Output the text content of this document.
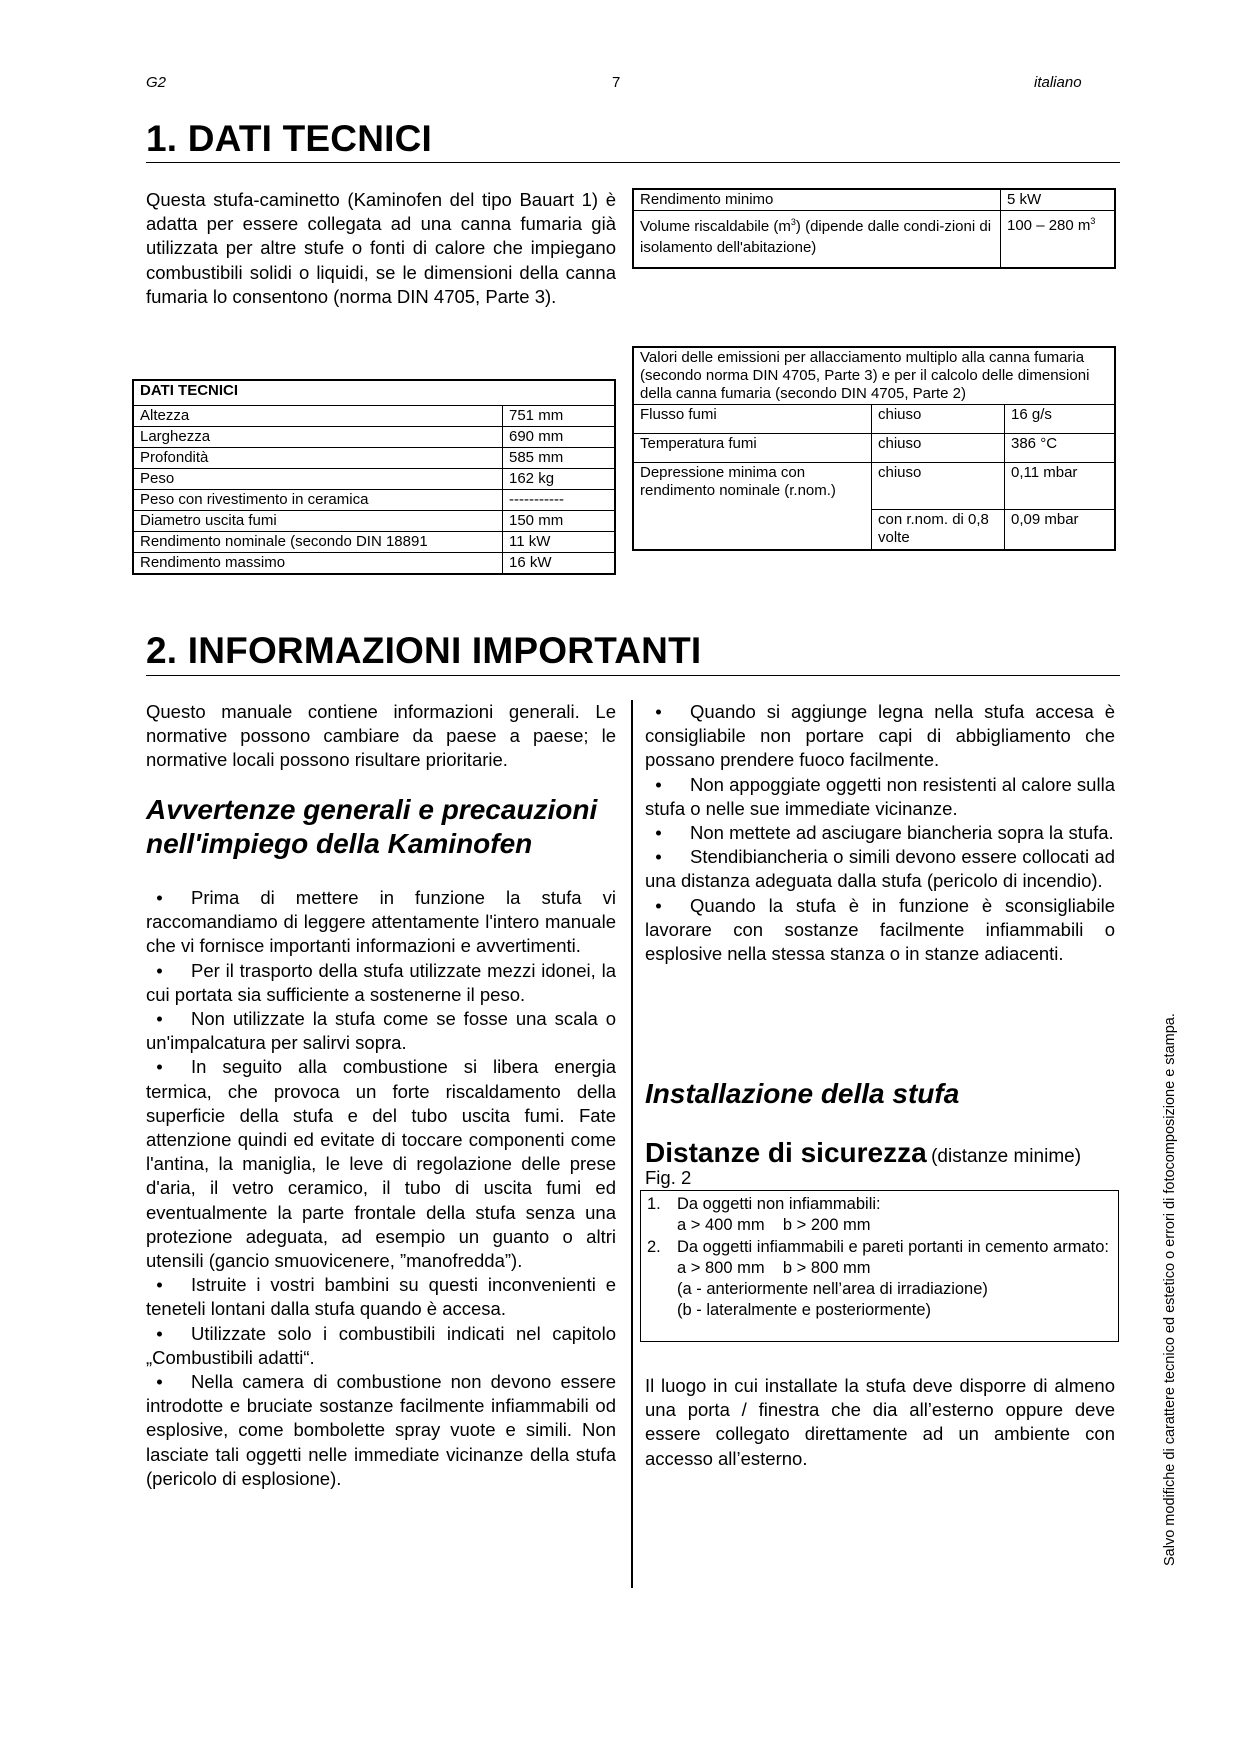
G2	7	italiano
1. DATI TECNICI

Questa stufa-caminetto (Kaminofen del tipo Bauart 1) è adatta per essere collegata ad una canna fumaria già utilizzata per altre stufe o fonti di calore che impiegano combustibili solidi o liquidi, se le dimensioni della canna fumaria lo consentono (norma DIN 4705, Parte 3).

Rendimento minimo	5 kW
Volume riscaldabile $(m^3)$ (dipende dalle condi-zioni di isolamento dell'abitazione)	100 – 280 $m^3$
Valori delle emissioni per allacciamento multiplo alla canna fumaria (secondo norma DIN 4705, Parte 3) e per il calcolo delle dimensioni della canna fumaria (secondo DIN 4705, Parte 2)		
Flusso fumi	chiuso	16 g/s
Temperatura fumi	chiuso	386 °C
Depressione minima con rendimento nominale (r.nom.)	chiuso	0,11 mbar
	con r.nom. di 0,8 volte	0,09 mbar
DATI TECNICI	
Altezza	751 mm
Larghezza	690 mm
Profondità	585 mm
Peso	162 kg
Peso con rivestimento in ceramica	-----------
Diametro uscita fumi	150 mm
Rendimento nominale (secondo DIN 18891	11 kW
Rendimento massimo	16 kW
2. INFORMAZIONI IMPORTANTI

Questo manuale contiene informazioni generali. Le normative possono cambiare da paese a paese; le normative locali possono risultare prioritarie.

Avvertenze generali e precauzioni nell'impiego della Kaminofen
• Prima di mettere in funzione la stufa vi raccomandiamo di leggere attentamente l'intero manuale che vi fornisce importanti informazioni e avvertimenti.
• Per il trasporto della stufa utilizzate mezzi idonei, la cui portata sia sufficiente a sostenerne il peso.
• Non utilizzate la stufa come se fosse una scala o un'impalcatura per salirvi sopra.
• In seguito alla combustione si libera energia termica, che provoca un forte riscaldamento della superficie della stufa e del tubo uscita fumi. Fate attenzione quindi ed evitate di toccare componenti come l'antina, la maniglia, le leve di regolazione delle prese d'aria, il vetro ceramico, il tubo di uscita fumi ed eventualmente la parte frontale della stufa senza una protezione adeguata, ad esempio un guanto o altri utensili (gancio smuovicenere, ”manofredda”).
• Istruite i vostri bambini su questi inconvenienti e teneteli lontani dalla stufa quando è accesa.
• Utilizzate solo i combustibili indicati nel capitolo „Combustibili adatti“.
• Nella camera di combustione non devono essere introdotte e bruciate sostanze facilmente infiammabili od esplosive, come bombolette spray vuote e simili. Non lasciate tali oggetti nelle immediate vicinanze della stufa (pericolo di esplosione).
• Quando si aggiunge legna nella stufa accesa è consigliabile non portare capi di abbigliamento che possano prendere fuoco facilmente.
• Non appoggiate oggetti non resistenti al calore sulla stufa o nelle sue immediate vicinanze.
• Non mettete ad asciugare biancheria sopra la stufa.
• Stendibiancheria o simili devono essere collocati ad una distanza adeguata dalla stufa (pericolo di incendio).
• Quando la stufa è in funzione è sconsigliabile lavorare con sostanze facilmente infiammabili o esplosive nella stessa stanza o in stanze adiacenti.
Installazione della stufa
Distanze di sicurezza (distanze minime)
Fig. 2
1. Da oggetti non infiammabili:
a > 400 mm    b > 200 mm
2. Da oggetti infiammabili e pareti portanti in cemento armato:
a > 800 mm    b > 800 mm
(a - anteriormente nell’area di irradiazione)
(b - lateralmente e posteriormente)

Il luogo in cui installate la stufa deve disporre di almeno una porta / finestra che dia all’esterno oppure deve essere collegato direttamente ad un ambiente con accesso all’esterno.	Salvo modifiche di carattere tecnico ed estetico o errori di fotocomposizione e stampa.
